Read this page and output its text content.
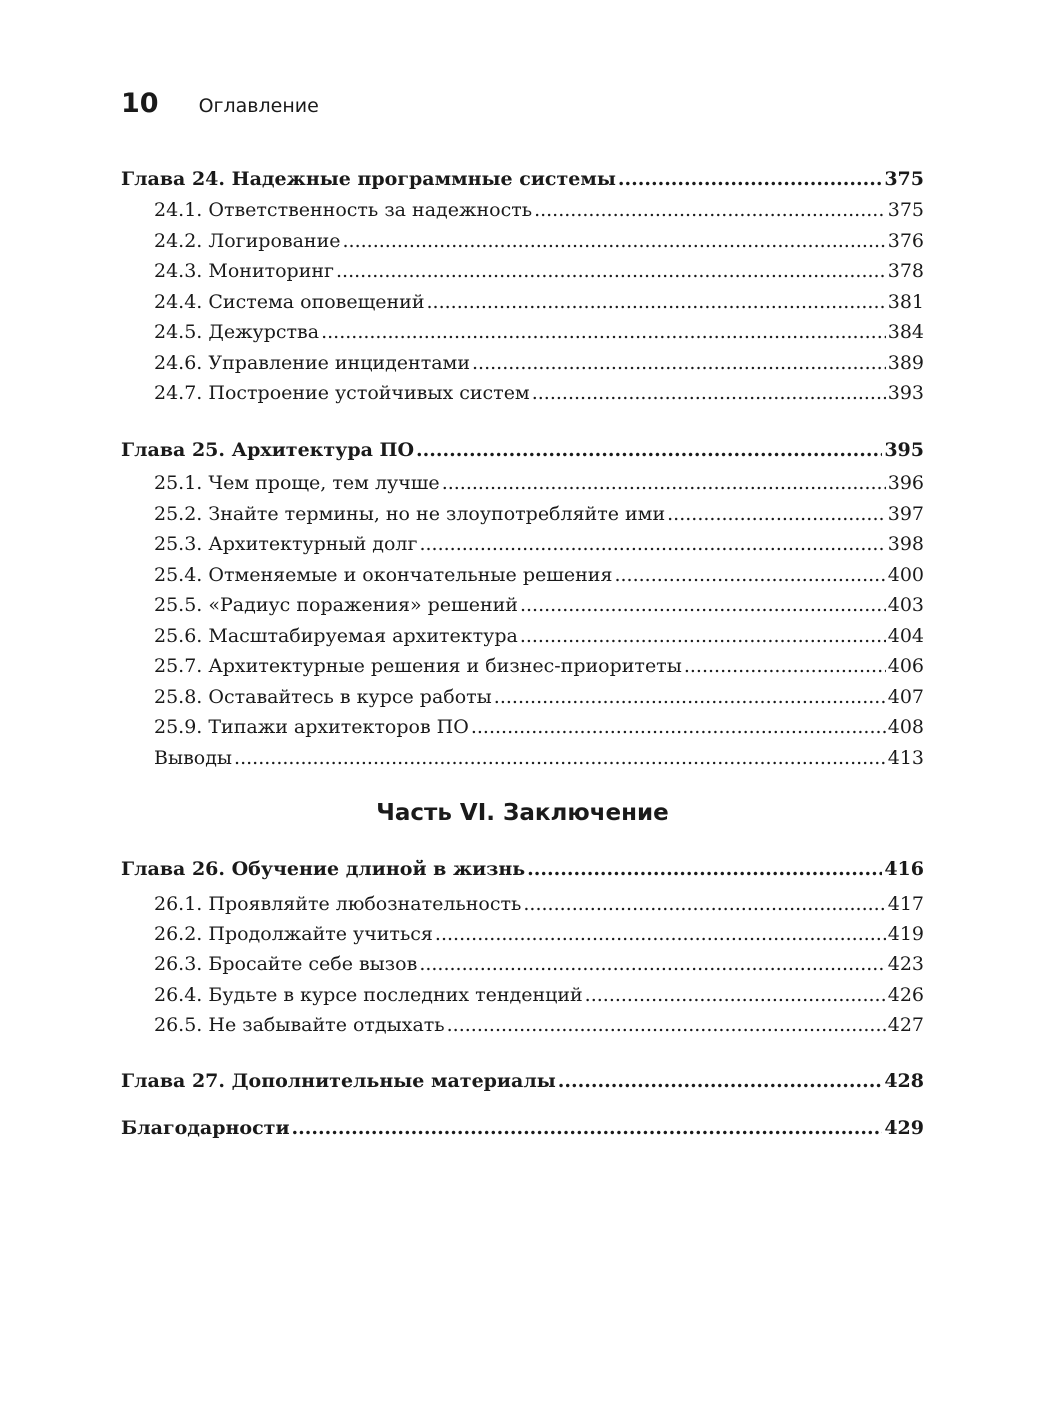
10 Оглавление
Глава 24. Надежные программные системы .....	375
24.1. Ответственность за надежность .....	375
24.2. Логирование .....	376
24.3. Мониторинг .....	378
24.4. Система оповещений .....	381
24.5. Дежурства .....	384
24.6. Управление инцидентами .....	389
24.7. Построение устойчивых систем .....	393
Глава 25. Архитектура ПО .....	395
25.1. Чем проще, тем лучше .....	396
25.2. Знайте термины, но не злоупотребляйте ими .....	397
25.3. Архитектурный долг .....	398
25.4. Отменяемые и окончательные решения .....	400
25.5. «Радиус поражения» решений .....	403
25.6. Масштабируемая архитектура .....	404
25.7. Архитектурные решения и бизнес-приоритеты .....	406
25.8. Оставайтесь в курсе работы .....	407
25.9. Типажи архитекторов ПО .....	408
Выводы .....	413
Часть VI. Заключение
Глава 26. Обучение длиной в жизнь .....	416
26.1. Проявляйте любознательность .....	417
26.2. Продолжайте учиться .....	419
26.3. Бросайте себе вызов .....	423
26.4. Будьте в курсе последних тенденций .....	426
26.5. Не забывайте отдыхать .....	427
Глава 27. Дополнительные материалы .....	428
Благодарности .....	429
